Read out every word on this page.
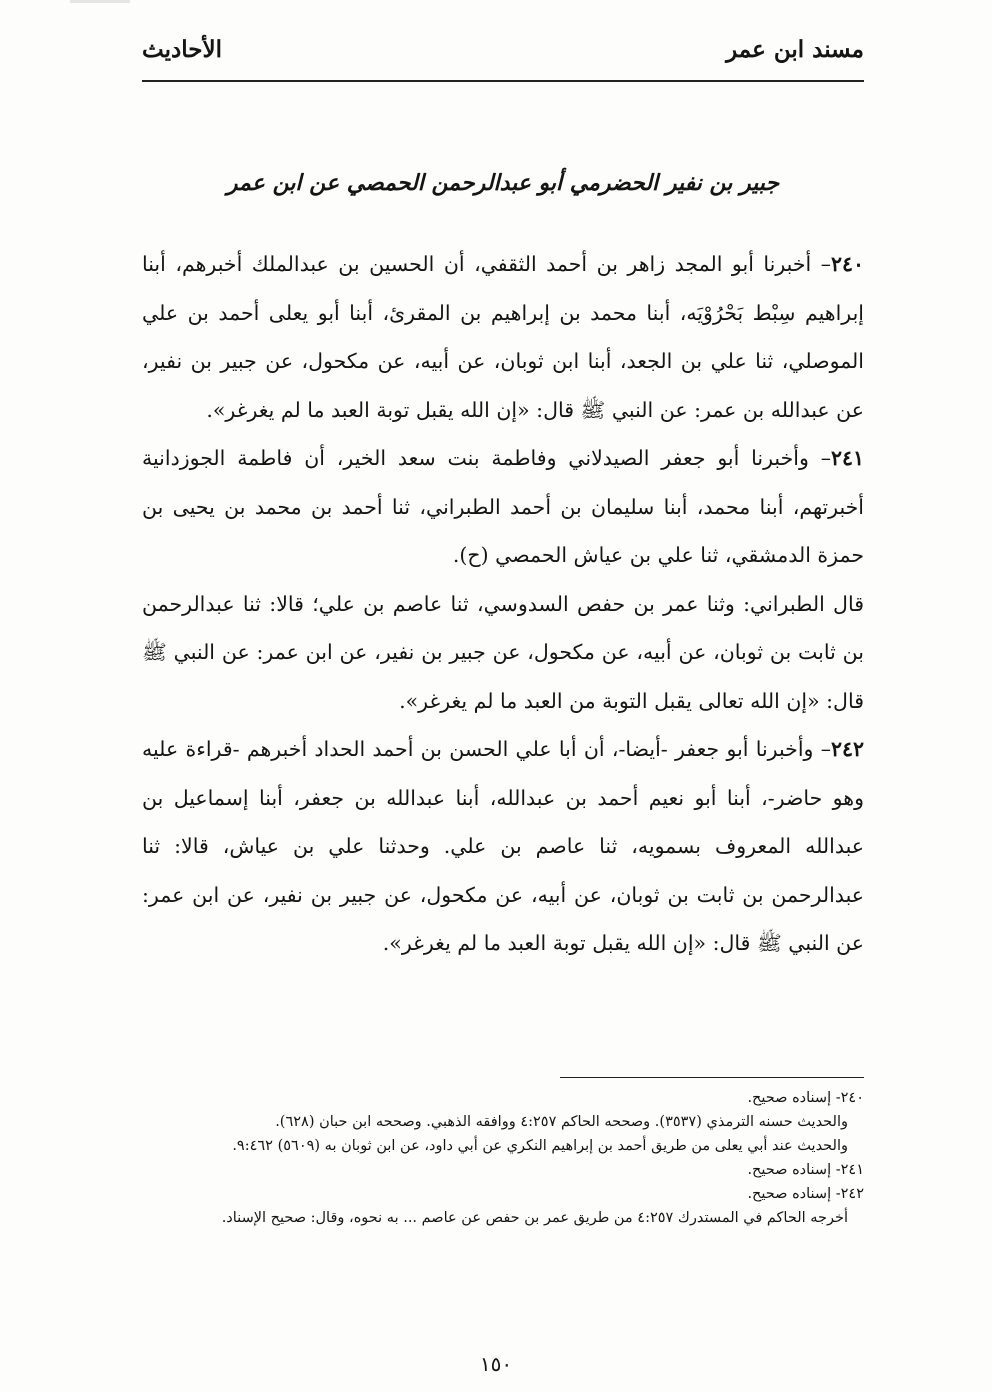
مسند ابن عمر
الأحاديث
جبير بن نفير الحضرمي أبو عبدالرحمن الحمصي عن ابن عمر

٢٤٠– أخبرنا أبو المجد زاهر بن أحمد الثقفي، أن الحسين بن عبدالملك أخبرهم، أبنا إبراهيم سِبْط بَحْرُوْيَه، أبنا محمد بن إبراهيم بن المقرئ، أبنا أبو يعلى أحمد بن علي الموصلي، ثنا علي بن الجعد، أبنا ابن ثوبان، عن أبيه، عن مكحول، عن جبير بن نفير، عن عبدالله بن عمر: عن النبي ﷺ قال: «إن الله يقبل توبة العبد ما لم يغرغر».

٢٤١– وأخبرنا أبو جعفر الصيدلاني وفاطمة بنت سعد الخير، أن فاطمة الجوزدانية أخبرتهم، أبنا محمد، أبنا سليمان بن أحمد الطبراني، ثنا أحمد بن محمد بن يحيى بن حمزة الدمشقي، ثنا علي بن عياش الحمصي (ح).

قال الطبراني: وثنا عمر بن حفص السدوسي، ثنا عاصم بن علي؛ قالا: ثنا عبدالرحمن بن ثابت بن ثوبان، عن أبيه، عن مكحول، عن جبير بن نفير، عن ابن عمر: عن النبي ﷺ قال: «إن الله تعالى يقبل التوبة من العبد ما لم يغرغر».

٢٤٢– وأخبرنا أبو جعفر -أيضا-، أن أبا علي الحسن بن أحمد الحداد أخبرهم -قراءة عليه وهو حاضر-، أبنا أبو نعيم أحمد بن عبدالله، أبنا عبدالله بن جعفر، أبنا إسماعيل بن عبدالله المعروف بسمويه، ثنا عاصم بن علي. وحدثنا علي بن عياش، قالا: ثنا عبدالرحمن بن ثابت بن ثوبان، عن أبيه، عن مكحول، عن جبير بن نفير، عن ابن عمر: عن النبي ﷺ قال: «إن الله يقبل توبة العبد ما لم يغرغر».

٢٤٠- إسناده صحيح.

والحديث حسنه الترمذي (٣٥٣٧). وصححه الحاكم ٤:٢٥٧ ووافقه الذهبي. وصححه ابن حبان (٦٢٨).

والحديث عند أبي يعلى من طريق أحمد بن إبراهيم النكري عن أبي داود، عن ابن ثوبان به (٥٦٠٩) ٩:٤٦٢.

٢٤١- إسناده صحيح.

٢٤٢- إسناده صحيح.

أخرجه الحاكم في المستدرك ٤:٢٥٧ من طريق عمر بن حفص عن عاصم ... به نحوه، وقال: صحيح الإسناد.

١٥٠
